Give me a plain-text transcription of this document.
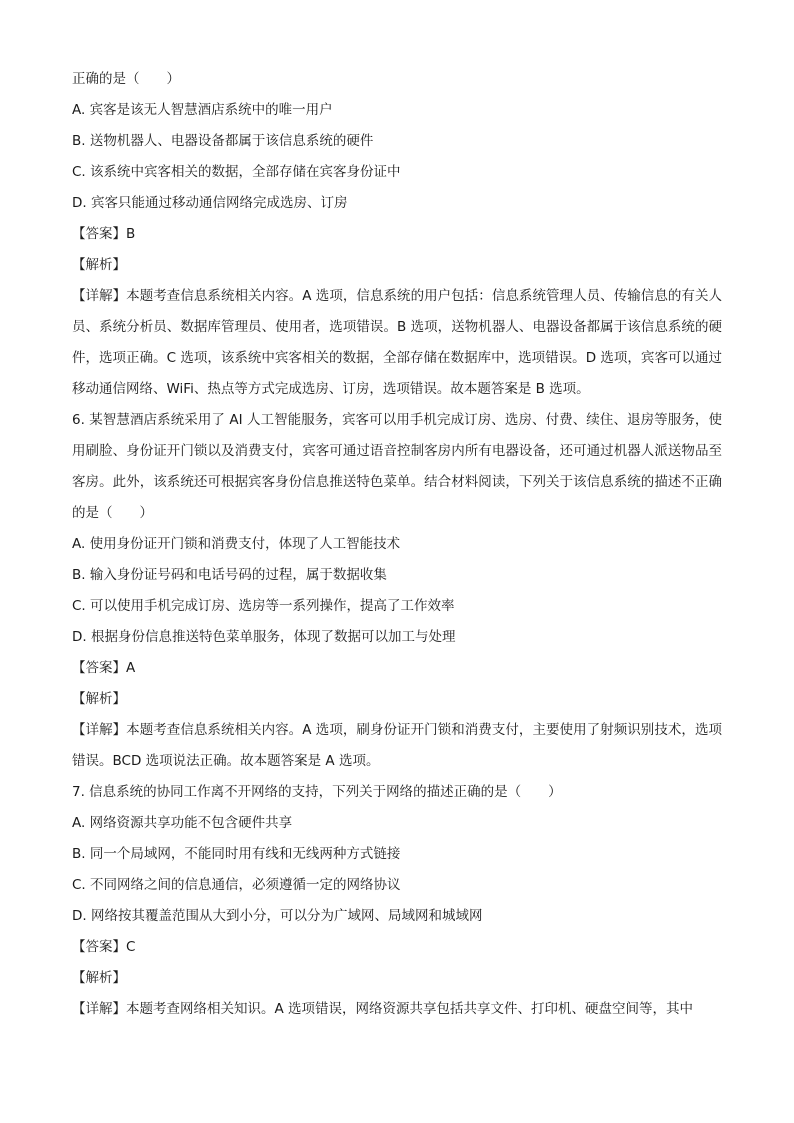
正确的是（　　）
A. 宾客是该无人智慧酒店系统中的唯一用户
B. 送物机器人、电器设备都属于该信息系统的硬件
C. 该系统中宾客相关的数据，全部存储在宾客身份证中
D. 宾客只能通过移动通信网络完成选房、订房
【答案】B
【解析】
【详解】本题考查信息系统相关内容。A 选项，信息系统的用户包括：信息系统管理人员、传输信息的有关人员、系统分析员、数据库管理员、使用者，选项错误。B 选项，送物机器人、电器设备都属于该信息系统的硬件，选项正确。C 选项，该系统中宾客相关的数据，全部存储在数据库中，选项错误。D 选项，宾客可以通过移动通信网络、WiFi、热点等方式完成选房、订房，选项错误。故本题答案是 B 选项。
6. 某智慧酒店系统采用了 AI 人工智能服务，宾客可以用手机完成订房、选房、付费、续住、退房等服务，使用刷脸、身份证开门锁以及消费支付，宾客可通过语音控制客房内所有电器设备，还可通过机器人派送物品至客房。此外，该系统还可根据宾客身份信息推送特色菜单。结合材料阅读，下列关于该信息系统的描述不正确的是（　　）
A. 使用身份证开门锁和消费支付，体现了人工智能技术
B. 输入身份证号码和电话号码的过程，属于数据收集
C. 可以使用手机完成订房、选房等一系列操作，提高了工作效率
D. 根据身份信息推送特色菜单服务，体现了数据可以加工与处理
【答案】A
【解析】
【详解】本题考查信息系统相关内容。A 选项，刷身份证开门锁和消费支付，主要使用了射频识别技术，选项错误。BCD 选项说法正确。故本题答案是 A 选项。
7. 信息系统的协同工作离不开网络的支持，下列关于网络的描述正确的是（　　）
A. 网络资源共享功能不包含硬件共享
B. 同一个局域网，不能同时用有线和无线两种方式链接
C. 不同网络之间的信息通信，必须遵循一定的网络协议
D. 网络按其覆盖范围从大到小分，可以分为广域网、局域网和城域网
【答案】C
【解析】
【详解】本题考查网络相关知识。A 选项错误，网络资源共享包括共享文件、打印机、硬盘空间等，其中
